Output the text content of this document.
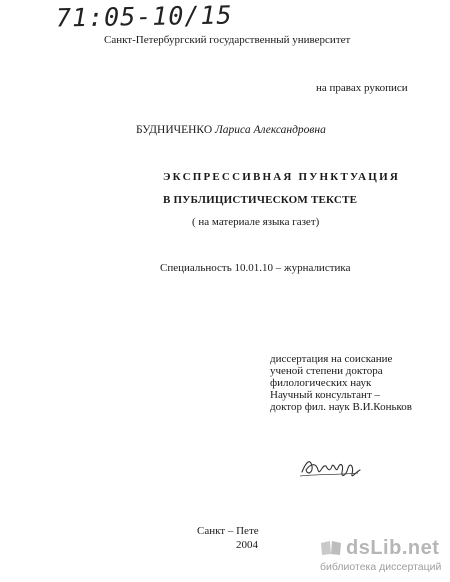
71:05-10/15
Санкт-Петербургский государственный университет
на правах рукописи
БУДНИЧЕНКО Лариса Александровна
ЭКСПРЕССИВНАЯ ПУНКТУАЦИЯ
В ПУБЛИЦИСТИЧЕСКОМ ТЕКСТЕ
( на материале языка газет)
Специальность 10.01.10 – журналистика
диссертация на соискание
ученой степени доктора
филологических наук
Научный консультант –
доктор фил. наук В.И.Коньков
Санкт – Пете
2004	dsLib.net
библиотека диссертаций
